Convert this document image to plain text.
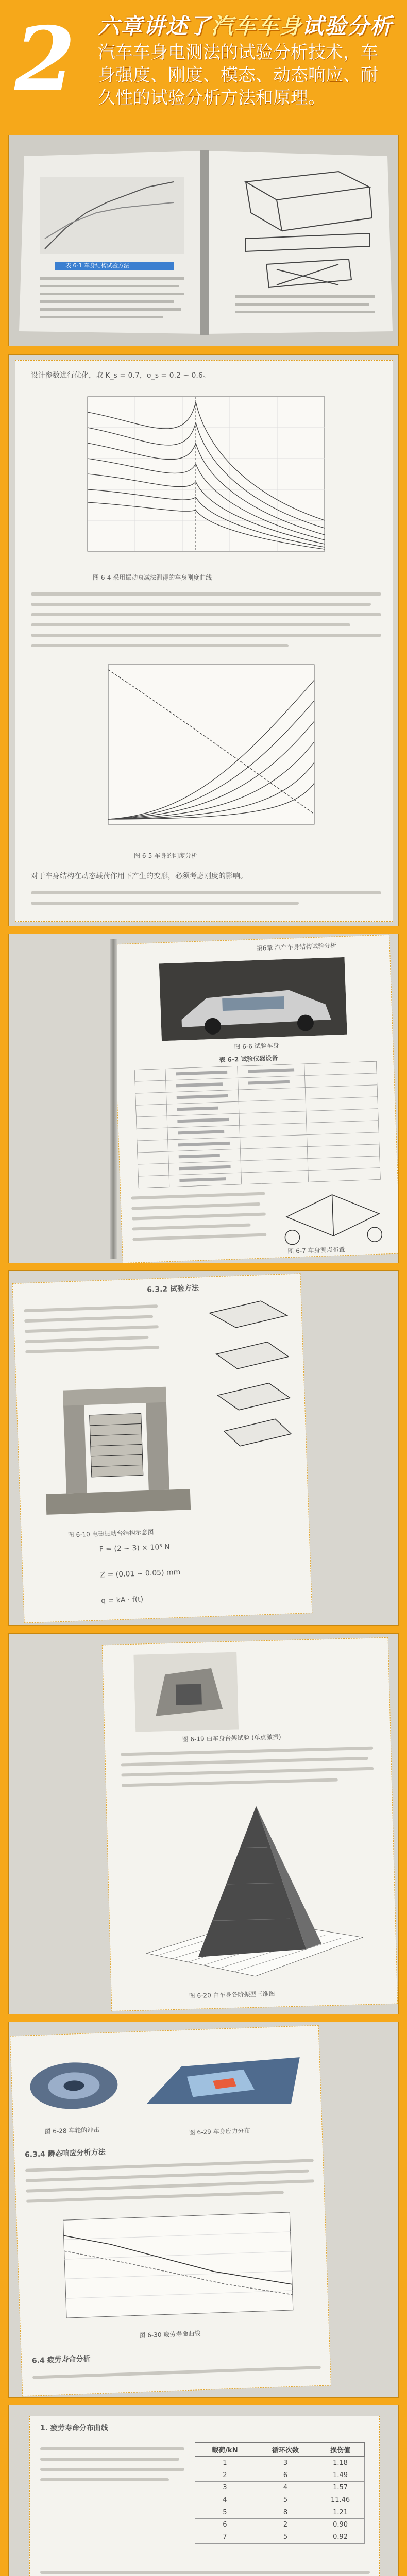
2 六章讲述了汽车车身试验分析
汽车车身电测法的试验分析技术，车身强度、刚度、模态、动态响应、耐久性的试验分析方法和原理。
表 6-1 车身结构试验方法
设计参数进行优化，取 K_s = 0.7，σ_s = 0.2 ~ 0.6。
图 6-4 采用振动衰减法测得的车身刚度曲线
图 6-5 车身的刚度分析
对于车身结构在动态载荷作用下产生的变形，必须考虑刚度的影响。
第6章 汽车车身结构试验分析
图 6-6 试验车身
表 6-2 试验仪器设备
图 6-7 车身测点布置
6.3.2 试验方法
图 6-10 电磁振动台结构示意图
F = (2 ~ 3) × 10³ N
Z = (0.01 ~ 0.05) mm
q = kA · f(t)
图 6-19 白车身台架试验 (单点激振)
图 6-20 白车身各阶振型三维图
图 6-28 车轮的冲击	图 6-29 车身应力分布
6.3.4 瞬态响应分析方法
图 6-30 疲劳寿命曲线
6.4 疲劳寿命分析
1. 疲劳寿命分布曲线
载荷/kN	循环次数	损伤值
1	3	1.18
2	6	1.49
3	4	1.57
4	5	11.46
5	8	1.21
6	2	0.90
7	5	0.92
